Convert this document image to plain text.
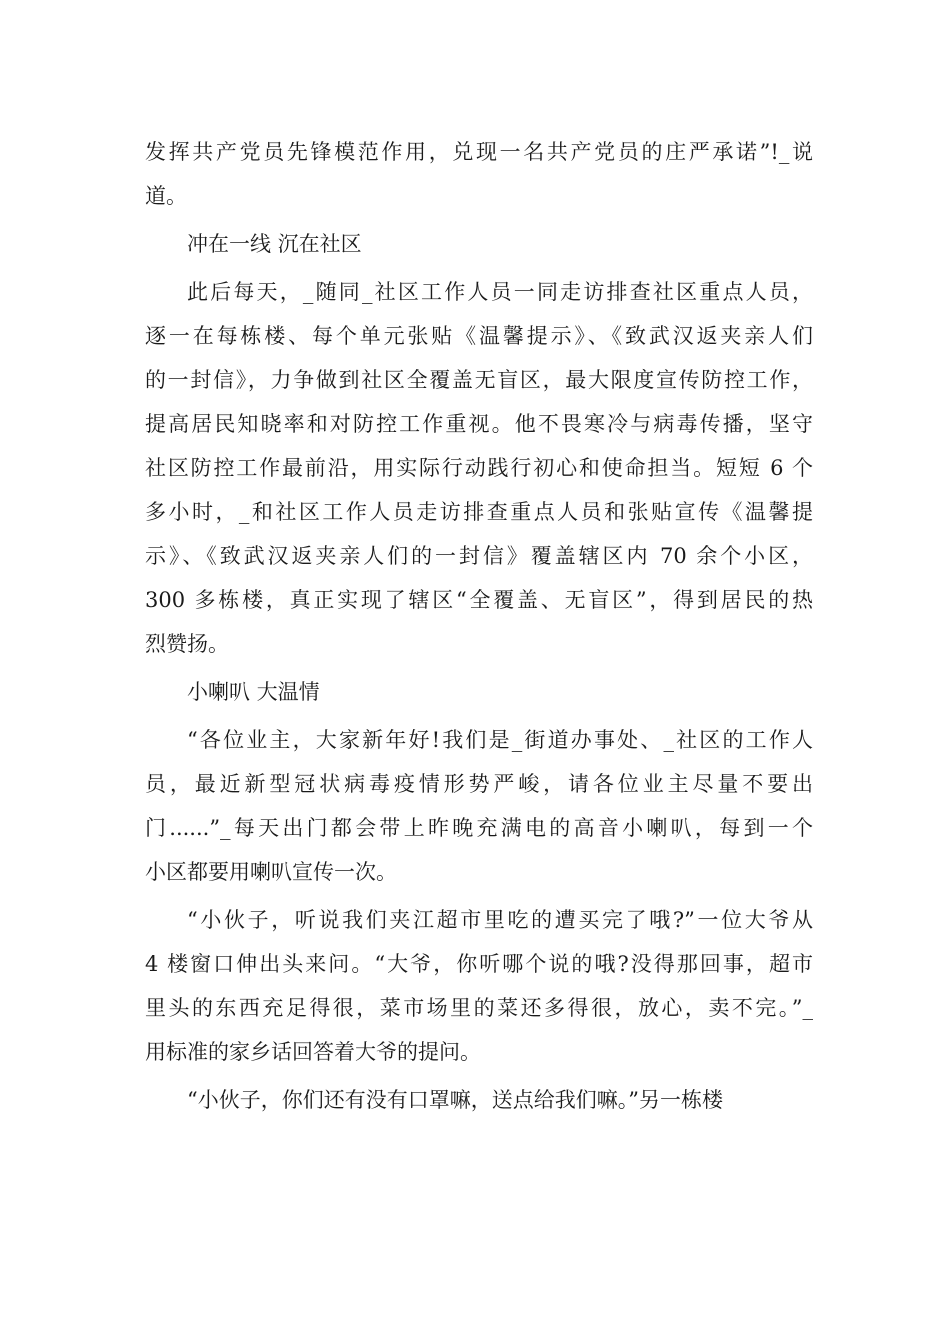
发挥共产党员先锋模范作用，兑现一名共产党员的庄严承诺”!_说
道。
冲在一线 沉在社区
此后每天，_随同_社区工作人员一同走访排查社区重点人员，
逐一在每栋楼、每个单元张贴《温馨提示》、《致武汉返夹亲人们
的一封信》，力争做到社区全覆盖无盲区，最大限度宣传防控工作，
提高居民知晓率和对防控工作重视。他不畏寒冷与病毒传播，坚守
社区防控工作最前沿，用实际行动践行初心和使命担当。短短 6 个
多小时，_和社区工作人员走访排查重点人员和张贴宣传《温馨提
示》、《致武汉返夹亲人们的一封信》覆盖辖区内 70 余个小区，
300 多栋楼，真正实现了辖区“全覆盖、无盲区”，得到居民的热
烈赞扬。
小喇叭 大温情
“各位业主，大家新年好!我们是_街道办事处、_社区的工作人
员，最近新型冠状病毒疫情形势严峻，请各位业主尽量不要出
门......”_每天出门都会带上昨晚充满电的高音小喇叭，每到一个
小区都要用喇叭宣传一次。
“小伙子，听说我们夹江超市里吃的遭买完了哦?”一位大爷从
4 楼窗口伸出头来问。“大爷，你听哪个说的哦?没得那回事，超市
里头的东西充足得很，菜市场里的菜还多得很，放心，卖不完。”_
用标准的家乡话回答着大爷的提问。
“小伙子，你们还有没有口罩嘛，送点给我们嘛。”另一栋楼
